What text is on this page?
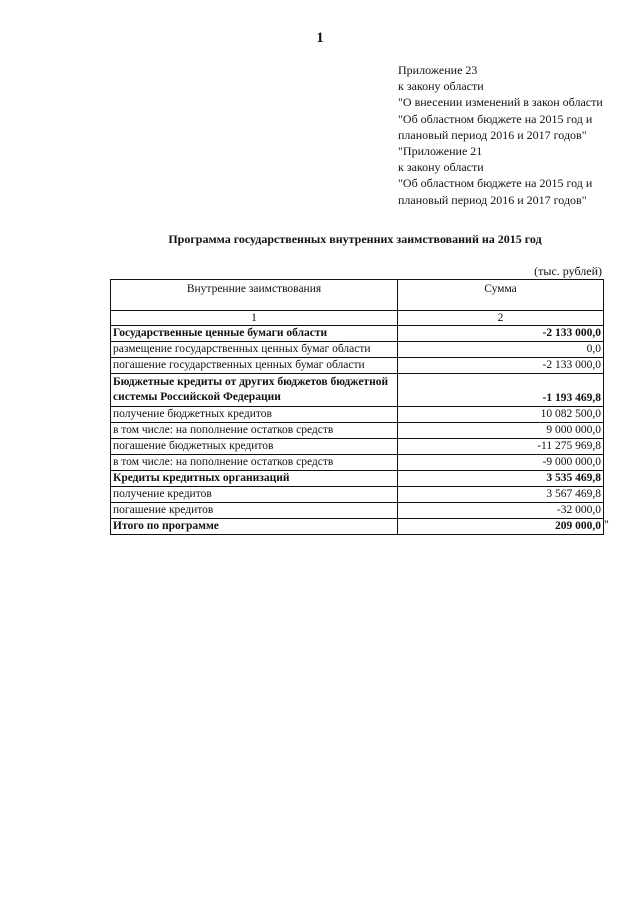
1
Приложение 23
к закону области
"О внесении изменений в закон области
"Об областном бюджете на 2015 год и
плановый период 2016 и 2017 годов"
"Приложение 21
к закону области
"Об областном бюджете на 2015 год и
плановый период 2016 и 2017 годов"
Программа государственных внутренних заимствований на 2015 год
(тыс. рублей)
Внутренние заимствования	Сумма
1	2
Государственные ценные бумаги области	-2 133 000,0
размещение государственных ценных бумаг области	0,0
погашение государственных ценных бумаг области	-2 133 000,0
Бюджетные кредиты от других бюджетов бюджетной системы Российской Федерации	-1 193 469,8
получение бюджетных кредитов	10 082 500,0
в том числе: на пополнение остатков средств	9 000 000,0
погашение бюджетных кредитов	-11 275 969,8
в том числе: на пополнение остатков средств	-9 000 000,0
Кредиты кредитных организаций	3 535 469,8
получение кредитов	3 567 469,8
погашение кредитов	-32 000,0
Итого по программе	209 000,0 "
